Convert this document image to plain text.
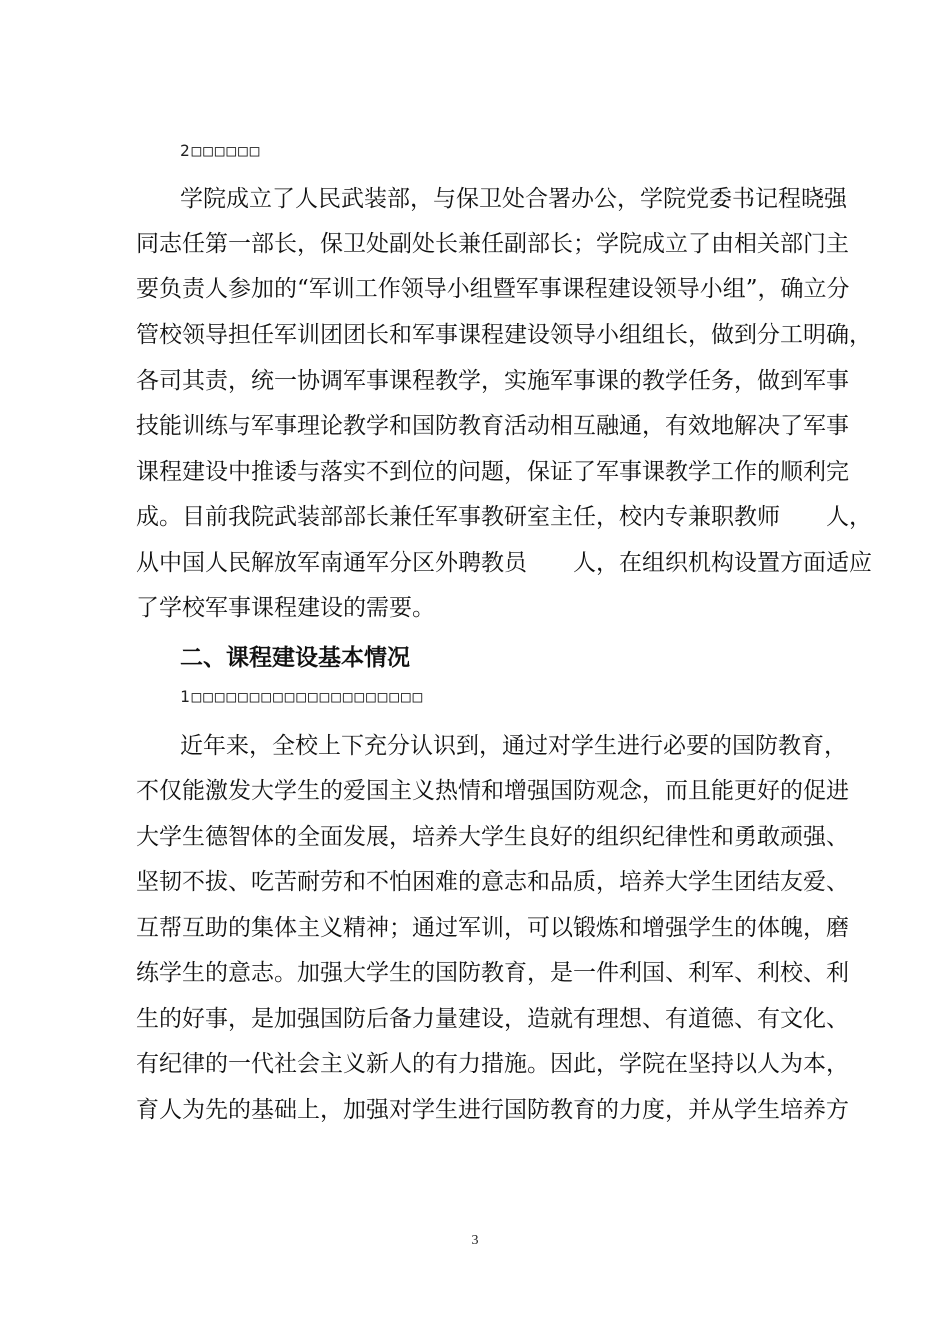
2□□□□□□
学院成立了人民武装部，与保卫处合署办公，学院党委书记程晓强
同志任第一部长，保卫处副处长兼任副部长；学院成立了由相关部门主
要负责人参加的“军训工作领导小组暨军事课程建设领导小组”，确立分
管校领导担任军训团团长和军事课程建设领导小组组长，做到分工明确，
各司其责，统一协调军事课程教学，实施军事课的教学任务，做到军事
技能训练与军事理论教学和国防教育活动相互融通，有效地解决了军事
课程建设中推诿与落实不到位的问题，保证了军事课教学工作的顺利完
成。目前我院武装部部长兼任军事教研室主任，校内专兼职教师　　人，
从中国人民解放军南通军分区外聘教员　　人，在组织机构设置方面适应
了学校军事课程建设的需要。
二、课程建设基本情况
1□□□□□□□□□□□□□□□□□□□□
近年来，全校上下充分认识到，通过对学生进行必要的国防教育，
不仅能激发大学生的爱国主义热情和增强国防观念，而且能更好的促进
大学生德智体的全面发展，培养大学生良好的组织纪律性和勇敢顽强、
坚韧不拔、吃苦耐劳和不怕困难的意志和品质，培养大学生团结友爱、
互帮互助的集体主义精神；通过军训，可以锻炼和增强学生的体魄，磨
练学生的意志。加强大学生的国防教育，是一件利国、利军、利校、利
生的好事，是加强国防后备力量建设，造就有理想、有道德、有文化、
有纪律的一代社会主义新人的有力措施。因此，学院在坚持以人为本，
育人为先的基础上，加强对学生进行国防教育的力度，并从学生培养方
3
